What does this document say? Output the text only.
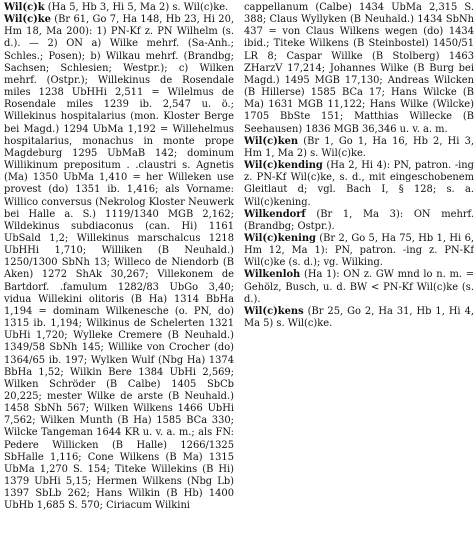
Wil(c)k (Ha 5, Hb 3, Hi 5, Ma 2) s. Wil(c)ke.

Wil(c)ke (Br 61, Go 7, Ha 148, Hb 23, Hi 20, Hm 18, Ma 200): 1) PN-Kf z. PN Wilhelm (s. d.). — 2) ON a) Wilke mehrf. (Sa-Anh.; Schles.; Posen); b) Wilkau mehrf. (Brandbg; Sachsen; Schlesien; Westpr.); c) Wilken mehrf. (Ostpr.); Willekinus de Rosendale miles 1238 UbHHi 2,511 = Wilelmus de Rosendale miles 1239 ib. 2,547 u. ö.; Willekinus hospitalarius (mon. Kloster Berge bei Magd.) 1294 UbMa 1,192 = Willehelmus hospitalarius, monachus in monte prope Magdeburg 1295 UbMaB 142; dominum Willikinum prepositum . .claustri s. Agnetis (Ma) 1350 UbMa 1,410 = her Willeken use provest (do) 1351 ib. 1,416; als Vorname: Willico conversus (Nekrolog Kloster Neuwerk bei Halle a. S.) 1119/1340 MGB 2,162; Wildekinus subdiaconus (can. Hi) 1161 UbSald 1,2; Willekinus marschalcus 1218 UbHHi 1,710; Williken (B Neuhald.) 1250/1300 SbNh 13; Willeco de Niendorb (B Aken) 1272 ShAk 30,267; Villekonem de Bartdorf. .famulum 1282/83 UbGo 3,40; vidua Willekini olitoris (B Ha) 1314 BbHa 1,194 = dominam Wilkenesche (o. PN, do) 1315 ib. 1,194; Wilkinus de Schelerten 1321 UbHi 1,720; Wylleke Cremere (B Neuhald.) 1349/58 SbNh 145; Willike von Crocher (do) 1364/65 ib. 197; Wylken Wulf (Nbg Ha) 1374 BbHa 1,52; Wilkin Bere 1384 UbHi 2,569; Wilken Schröder (B Calbe) 1405 SbCb 20,225; mester Wilke de arste (B Neuhald.) 1458 SbNh 567; Wilken Wilkens 1466 UbHi 7,562; Wilken Munth (B Ha) 1585 BCa 330; Wilcke Tangeman 1644 KR u. v. a. m.; als FN: Pedere Willicken (B Halle) 1266/1325 SbHalle 1,116; Cone Wilkens (B Ma) 1315 UbMa 1,270 S. 154; Titeke Willekins (B Hi) 1379 UbHi 5,15; Hermen Wilkens (Nbg Lb) 1397 SbLb 262; Hans Wilkin (B Hb) 1400 UbHb 1,685 S. 570; Ciriacum Wilkini

cappellanum (Calbe) 1434 UbMa 2,315 S. 388; Claus Wyllyken (B Neuhald.) 1434 SbNh 437 = von Claus Wilkens wegen (do) 1434 ibid.; Titeke Wilkens (B Steinbostel) 1450/51 LR 8; Caspar Willke (B Stolberg) 1463 ZHarzV 17,214; Johannes Wilke (B Burg bei Magd.) 1495 MGB 17,130; Andreas Wilcken (B Hillerse) 1585 BCa 17; Hans Wilcke (B Ma) 1631 MGB 11,122; Hans Wilke (Wilcke) 1705 BbSte 151; Matthias Willecke (B Seehausen) 1836 MGB 36,346 u. v. a. m.

Wil(c)ken (Br 1, Go 1, Ha 16, Hb 2, Hi 3, Hm 1, Ma 2) s. Wil(c)ke.

Wil(c)kending (Ha 2, Hi 4): PN, patron. -ing z. PN-Kf Wil(c)ke, s. d., mit eingeschobenem Gleitlaut d; vgl. Bach I, § 128; s. a. Wil(c)kening.

Wilkendorf (Br 1, Ma 3): ON mehrf. (Brandbg; Ostpr.).

Wil(c)kening (Br 2, Go 5, Ha 75, Hb 1, Hi 6, Hm 12, Ma 1): PN, patron. -ing z. PN-Kf Wil(c)ke (s. d.); vg. Wilking.

Wilkenloh (Ha 1): ON z. GW mnd lo n. m. = Gehölz, Busch, u. d. BW < PN-Kf Wil(c)ke (s. d.).

Wil(c)kens (Br 25, Go 2, Ha 31, Hb 1, Hi 4, Ma 5) s. Wil(c)ke.
